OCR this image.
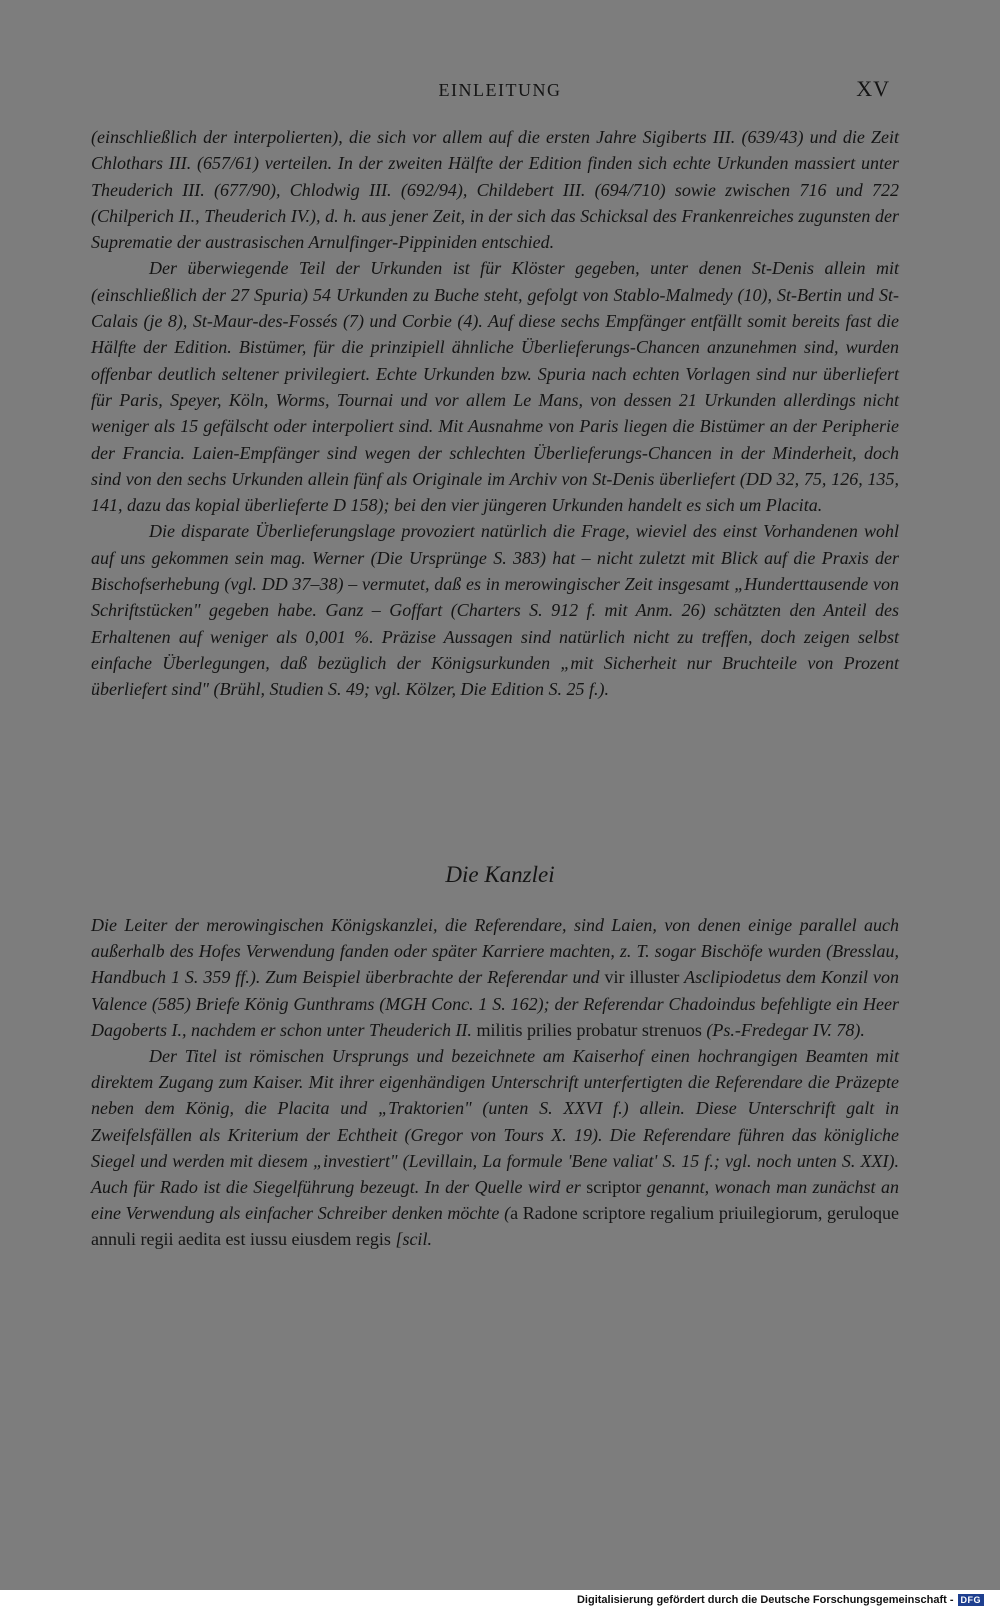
EINLEITUNG	XV

(einschließlich der interpolierten), die sich vor allem auf die ersten Jahre Sigiberts III. (639/43) und die Zeit Chlothars III. (657/61) verteilen. In der zweiten Hälfte der Edition finden sich echte Urkunden massiert unter Theuderich III. (677/90), Chlodwig III. (692/94), Childebert III. (694/710) sowie zwischen 716 und 722 (Chilperich II., Theuderich IV.), d. h. aus jener Zeit, in der sich das Schicksal des Frankenreiches zugunsten der Suprematie der austrasischen Arnulfinger-Pippiniden entschied.

Der überwiegende Teil der Urkunden ist für Klöster gegeben, unter denen St-Denis allein mit (einschließlich der 27 Spuria) 54 Urkunden zu Buche steht, gefolgt von Stablo-Malmedy (10), St-Bertin und St-Calais (je 8), St-Maur-des-Fossés (7) und Corbie (4). Auf diese sechs Empfänger entfällt somit bereits fast die Hälfte der Edition. Bistümer, für die prinzipiell ähnliche Überlieferungs-Chancen anzunehmen sind, wurden offenbar deutlich seltener privilegiert. Echte Urkunden bzw. Spuria nach echten Vorlagen sind nur überliefert für Paris, Speyer, Köln, Worms, Tournai und vor allem Le Mans, von dessen 21 Urkunden allerdings nicht weniger als 15 gefälscht oder interpoliert sind. Mit Ausnahme von Paris liegen die Bistümer an der Peripherie der Francia. Laien-Empfänger sind wegen der schlechten Überlieferungs-Chancen in der Minderheit, doch sind von den sechs Urkunden allein fünf als Originale im Archiv von St-Denis überliefert (DD 32, 75, 126, 135, 141, dazu das kopial überlieferte D 158); bei den vier jüngeren Urkunden handelt es sich um Placita.

Die disparate Überlieferungslage provoziert natürlich die Frage, wieviel des einst Vorhandenen wohl auf uns gekommen sein mag. Werner (Die Ursprünge S. 383) hat – nicht zuletzt mit Blick auf die Praxis der Bischofserhebung (vgl. DD 37–38) – vermutet, daß es in merowingischer Zeit insgesamt „Hunderttausende von Schriftstücken" gegeben habe. Ganz – Goffart (Charters S. 912 f. mit Anm. 26) schätzten den Anteil des Erhaltenen auf weniger als 0,001 %. Präzise Aussagen sind natürlich nicht zu treffen, doch zeigen selbst einfache Überlegungen, daß bezüglich der Königsurkunden „mit Sicherheit nur Bruchteile von Prozent überliefert sind" (Brühl, Studien S. 49; vgl. Kölzer, Die Edition S. 25 f.).

Die Kanzlei

Die Leiter der merowingischen Königskanzlei, die Referendare, sind Laien, von denen einige parallel auch außerhalb des Hofes Verwendung fanden oder später Karriere machten, z. T. sogar Bischöfe wurden (Bresslau, Handbuch 1 S. 359 ff.). Zum Beispiel überbrachte der Referendar und vir illuster Asclipiodetus dem Konzil von Valence (585) Briefe König Gunthrams (MGH Conc. 1 S. 162); der Referendar Chadoindus befehligte ein Heer Dagoberts I., nachdem er schon unter Theuderich II. militis prilies probatur strenuos (Ps.-Fredegar IV. 78).

Der Titel ist römischen Ursprungs und bezeichnete am Kaiserhof einen hochrangigen Beamten mit direktem Zugang zum Kaiser. Mit ihrer eigenhändigen Unterschrift unterfertigten die Referendare die Präzepte neben dem König, die Placita und „Traktorien" (unten S. XXVI f.) allein. Diese Unterschrift galt in Zweifelsfällen als Kriterium der Echtheit (Gregor von Tours X. 19). Die Referendare führen das königliche Siegel und werden mit diesem „investiert" (Levillain, La formule 'Bene valiat' S. 15 f.; vgl. noch unten S. XXI). Auch für Rado ist die Siegelführung bezeugt. In der Quelle wird er scriptor genannt, wonach man zunächst an eine Verwendung als einfacher Schreiber denken möchte (a Radone scriptore regalium priuilegiorum, geruloque annuli regii aedita est iussu eiusdem regis [scil.

Digitalisierung gefördert durch die Deutsche Forschungsgemeinschaft - DFG
